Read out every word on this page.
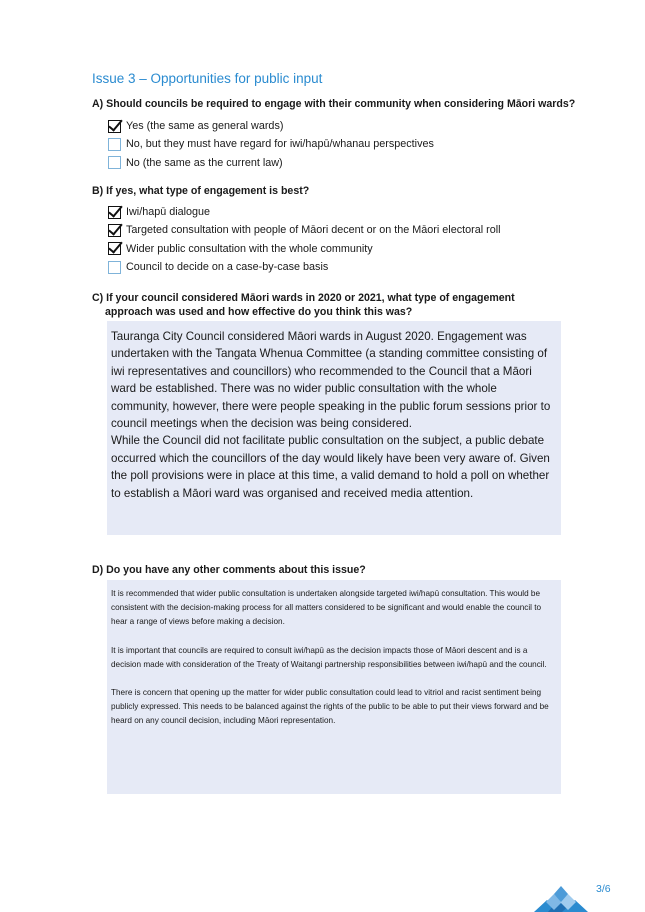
Issue 3 – Opportunities for public input

A) Should councils be required to engage with their community when considering Māori wards?

Yes (the same as general wards)
No, but they must have regard for iwi/hapū/whanau perspectives
No (the same as the current law)

B) If yes, what type of engagement is best?

Iwi/hapū dialogue
Targeted consultation with people of Māori decent or on the Māori electoral roll
Wider public consultation with the whole community
Council to decide on a case-by-case basis

C) If your council considered Māori wards in 2020 or 2021, what type of engagement
approach was used and how effective do you think this was?

Tauranga City Council considered Māori wards in August 2020. Engagement was undertaken with the Tangata Whenua Committee (a standing committee consisting of iwi representatives and councillors) who recommended to the Council that a Māori ward be established. There was no wider public consultation with the whole community, however, there were people speaking in the public forum sessions prior to council meetings when the decision was being considered.

While the Council did not facilitate public consultation on the subject, a public debate occurred which the councillors of the day would likely have been very aware of. Given the poll provisions were in place at this time, a valid demand to hold a poll on whether to establish a Māori ward was organised and received media attention.

D) Do you have any other comments about this issue?

It is recommended that wider public consultation is undertaken alongside targeted iwi/hapū consultation. This would be consistent with the decision-making process for all matters considered to be significant and would enable the council to hear a range of views before making a decision.

It is important that councils are required to consult iwi/hapū as the decision impacts those of Māori descent and is a decision made with consideration of the Treaty of Waitangi partnership responsibilities between iwi/hapū and the council.

There is concern that opening up the matter for wider public consultation could lead to vitriol and racist sentiment being publicly expressed. This needs to be balanced against the rights of the public to be able to put their views forward and be heard on any council decision, including Māori representation.

3/6
